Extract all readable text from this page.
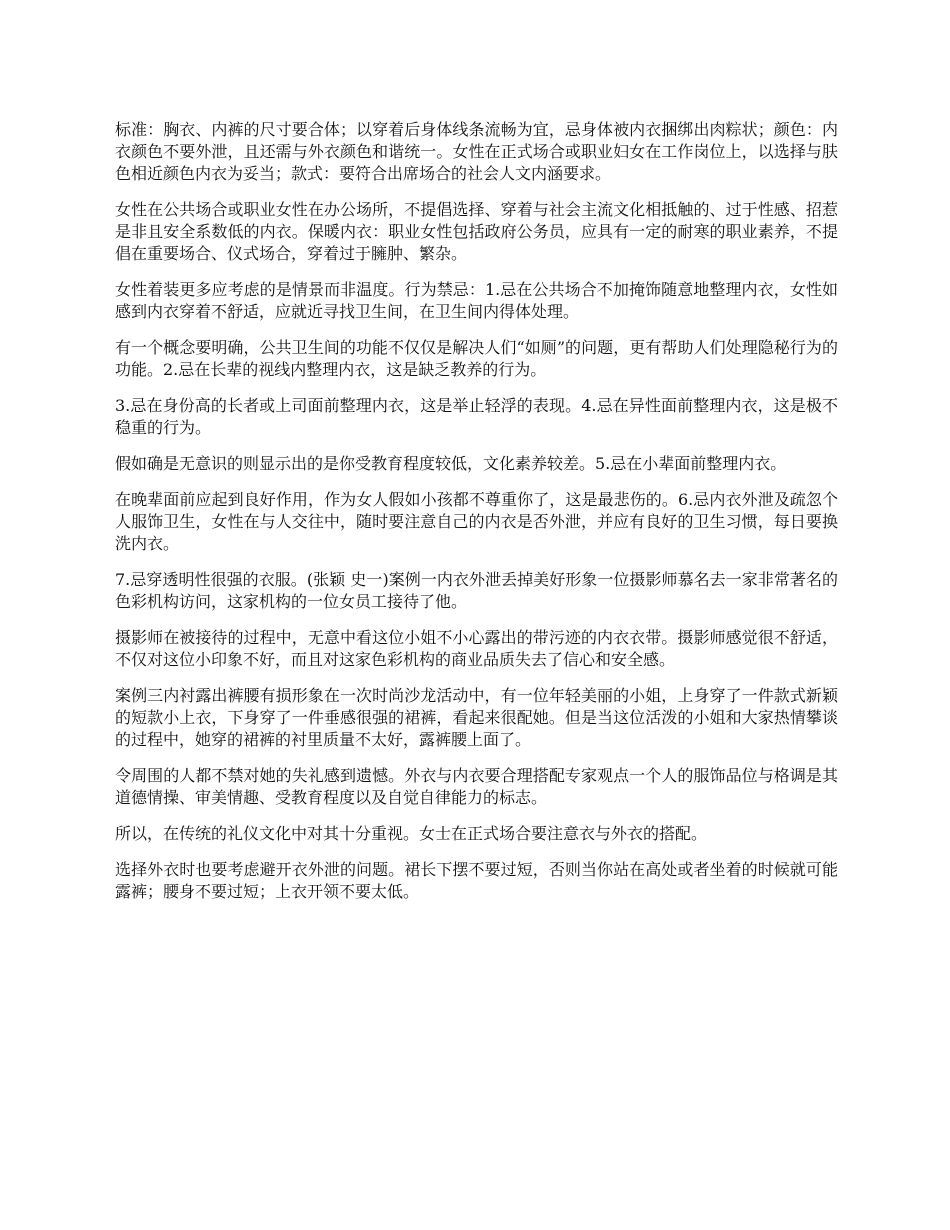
标准：胸衣、内裤的尺寸要合体；以穿着后身体线条流畅为宜，忌身体被内衣捆绑出肉粽状；颜色：内衣颜色不要外泄，且还需与外衣颜色和谐统一。女性在正式场合或职业妇女在工作岗位上，以选择与肤色相近颜色内衣为妥当；款式：要符合出席场合的社会人文内涵要求。

女性在公共场合或职业女性在办公场所，不提倡选择、穿着与社会主流文化相抵触的、过于性感、招惹是非且安全系数低的内衣。保暖内衣：职业女性包括政府公务员，应具有一定的耐寒的职业素养，不提倡在重要场合、仪式场合，穿着过于臃肿、繁杂。

女性着装更多应考虑的是情景而非温度。行为禁忌：1.忌在公共场合不加掩饰随意地整理内衣，女性如感到内衣穿着不舒适，应就近寻找卫生间，在卫生间内得体处理。

有一个概念要明确，公共卫生间的功能不仅仅是解决人们“如厕”的问题，更有帮助人们处理隐秘行为的功能。2.忌在长辈的视线内整理内衣，这是缺乏教养的行为。

3.忌在身份高的长者或上司面前整理内衣，这是举止轻浮的表现。4.忌在异性面前整理内衣，这是极不稳重的行为。

假如确是无意识的则显示出的是你受教育程度较低，文化素养较差。5.忌在小辈面前整理内衣。

在晚辈面前应起到良好作用，作为女人假如小孩都不尊重你了，这是最悲伤的。6.忌内衣外泄及疏忽个人服饰卫生，女性在与人交往中，随时要注意自己的内衣是否外泄，并应有良好的卫生习惯，每日要换洗内衣。

7.忌穿透明性很强的衣服。(张颖 史一)案例一内衣外泄丢掉美好形象一位摄影师慕名去一家非常著名的色彩机构访问，这家机构的一位女员工接待了他。

摄影师在被接待的过程中，无意中看这位小姐不小心露出的带污迹的内衣衣带。摄影师感觉很不舒适，不仅对这位小印象不好，而且对这家色彩机构的商业品质失去了信心和安全感。

案例三内衬露出裤腰有损形象在一次时尚沙龙活动中，有一位年轻美丽的小姐，上身穿了一件款式新颖的短款小上衣，下身穿了一件垂感很强的裙裤，看起来很配她。但是当这位活泼的小姐和大家热情攀谈的过程中，她穿的裙裤的衬里质量不太好，露裤腰上面了。

令周围的人都不禁对她的失礼感到遗憾。外衣与内衣要合理搭配专家观点一个人的服饰品位与格调是其道德情操、审美情趣、受教育程度以及自觉自律能力的标志。

所以，在传统的礼仪文化中对其十分重视。女士在正式场合要注意衣与外衣的搭配。

选择外衣时也要考虑避开衣外泄的问题。裙长下摆不要过短，否则当你站在高处或者坐着的时候就可能露裤；腰身不要过短；上衣开领不要太低。
